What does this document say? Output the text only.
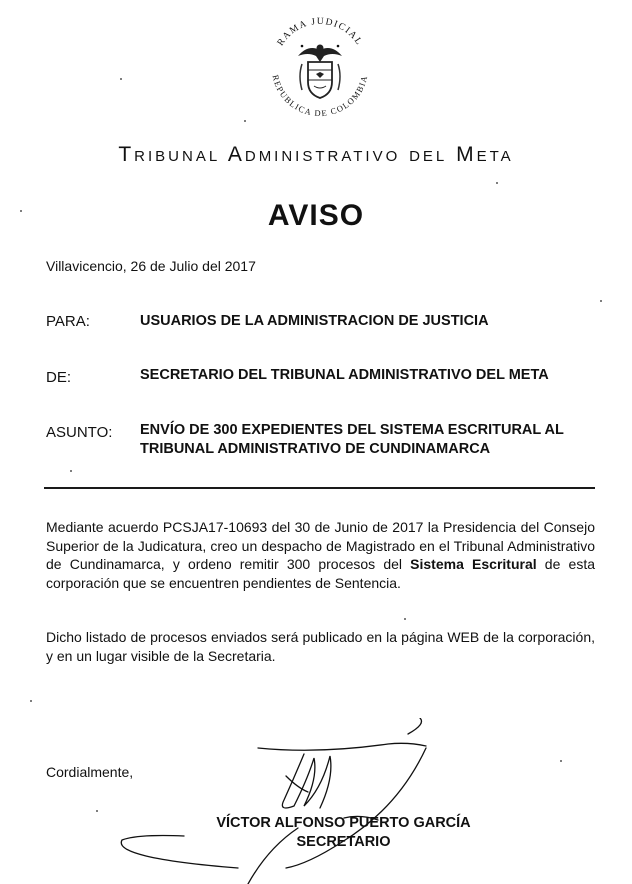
RAMA JUDICIAL
REPUBLICA DE COLOMBIA
Tribunal Administrativo del Meta
AVISO
Villavicencio, 26 de Julio del 2017
PARA:	USUARIOS DE LA ADMINISTRACION DE JUSTICIA
DE:	SECRETARIO DEL TRIBUNAL ADMINISTRATIVO DEL META
ASUNTO: ENVÍO DE 300 EXPEDIENTES DEL SISTEMA ESCRITURAL AL TRIBUNAL ADMINISTRATIVO DE CUNDINAMARCA
Mediante acuerdo PCSJA17-10693 del 30 de Junio de 2017 la Presidencia del Consejo Superior de la Judicatura, creo un despacho de Magistrado en el Tribunal Administrativo de Cundinamarca, y ordeno remitir 300 procesos del Sistema Escritural de esta corporación que se encuentren pendientes de Sentencia.
Dicho listado de procesos enviados será publicado en la página WEB de la corporación, y en un lugar visible de la Secretaria.
Cordialmente,
VÍCTOR ALFONSO PUERTO GARCÍA
SECRETARIO
